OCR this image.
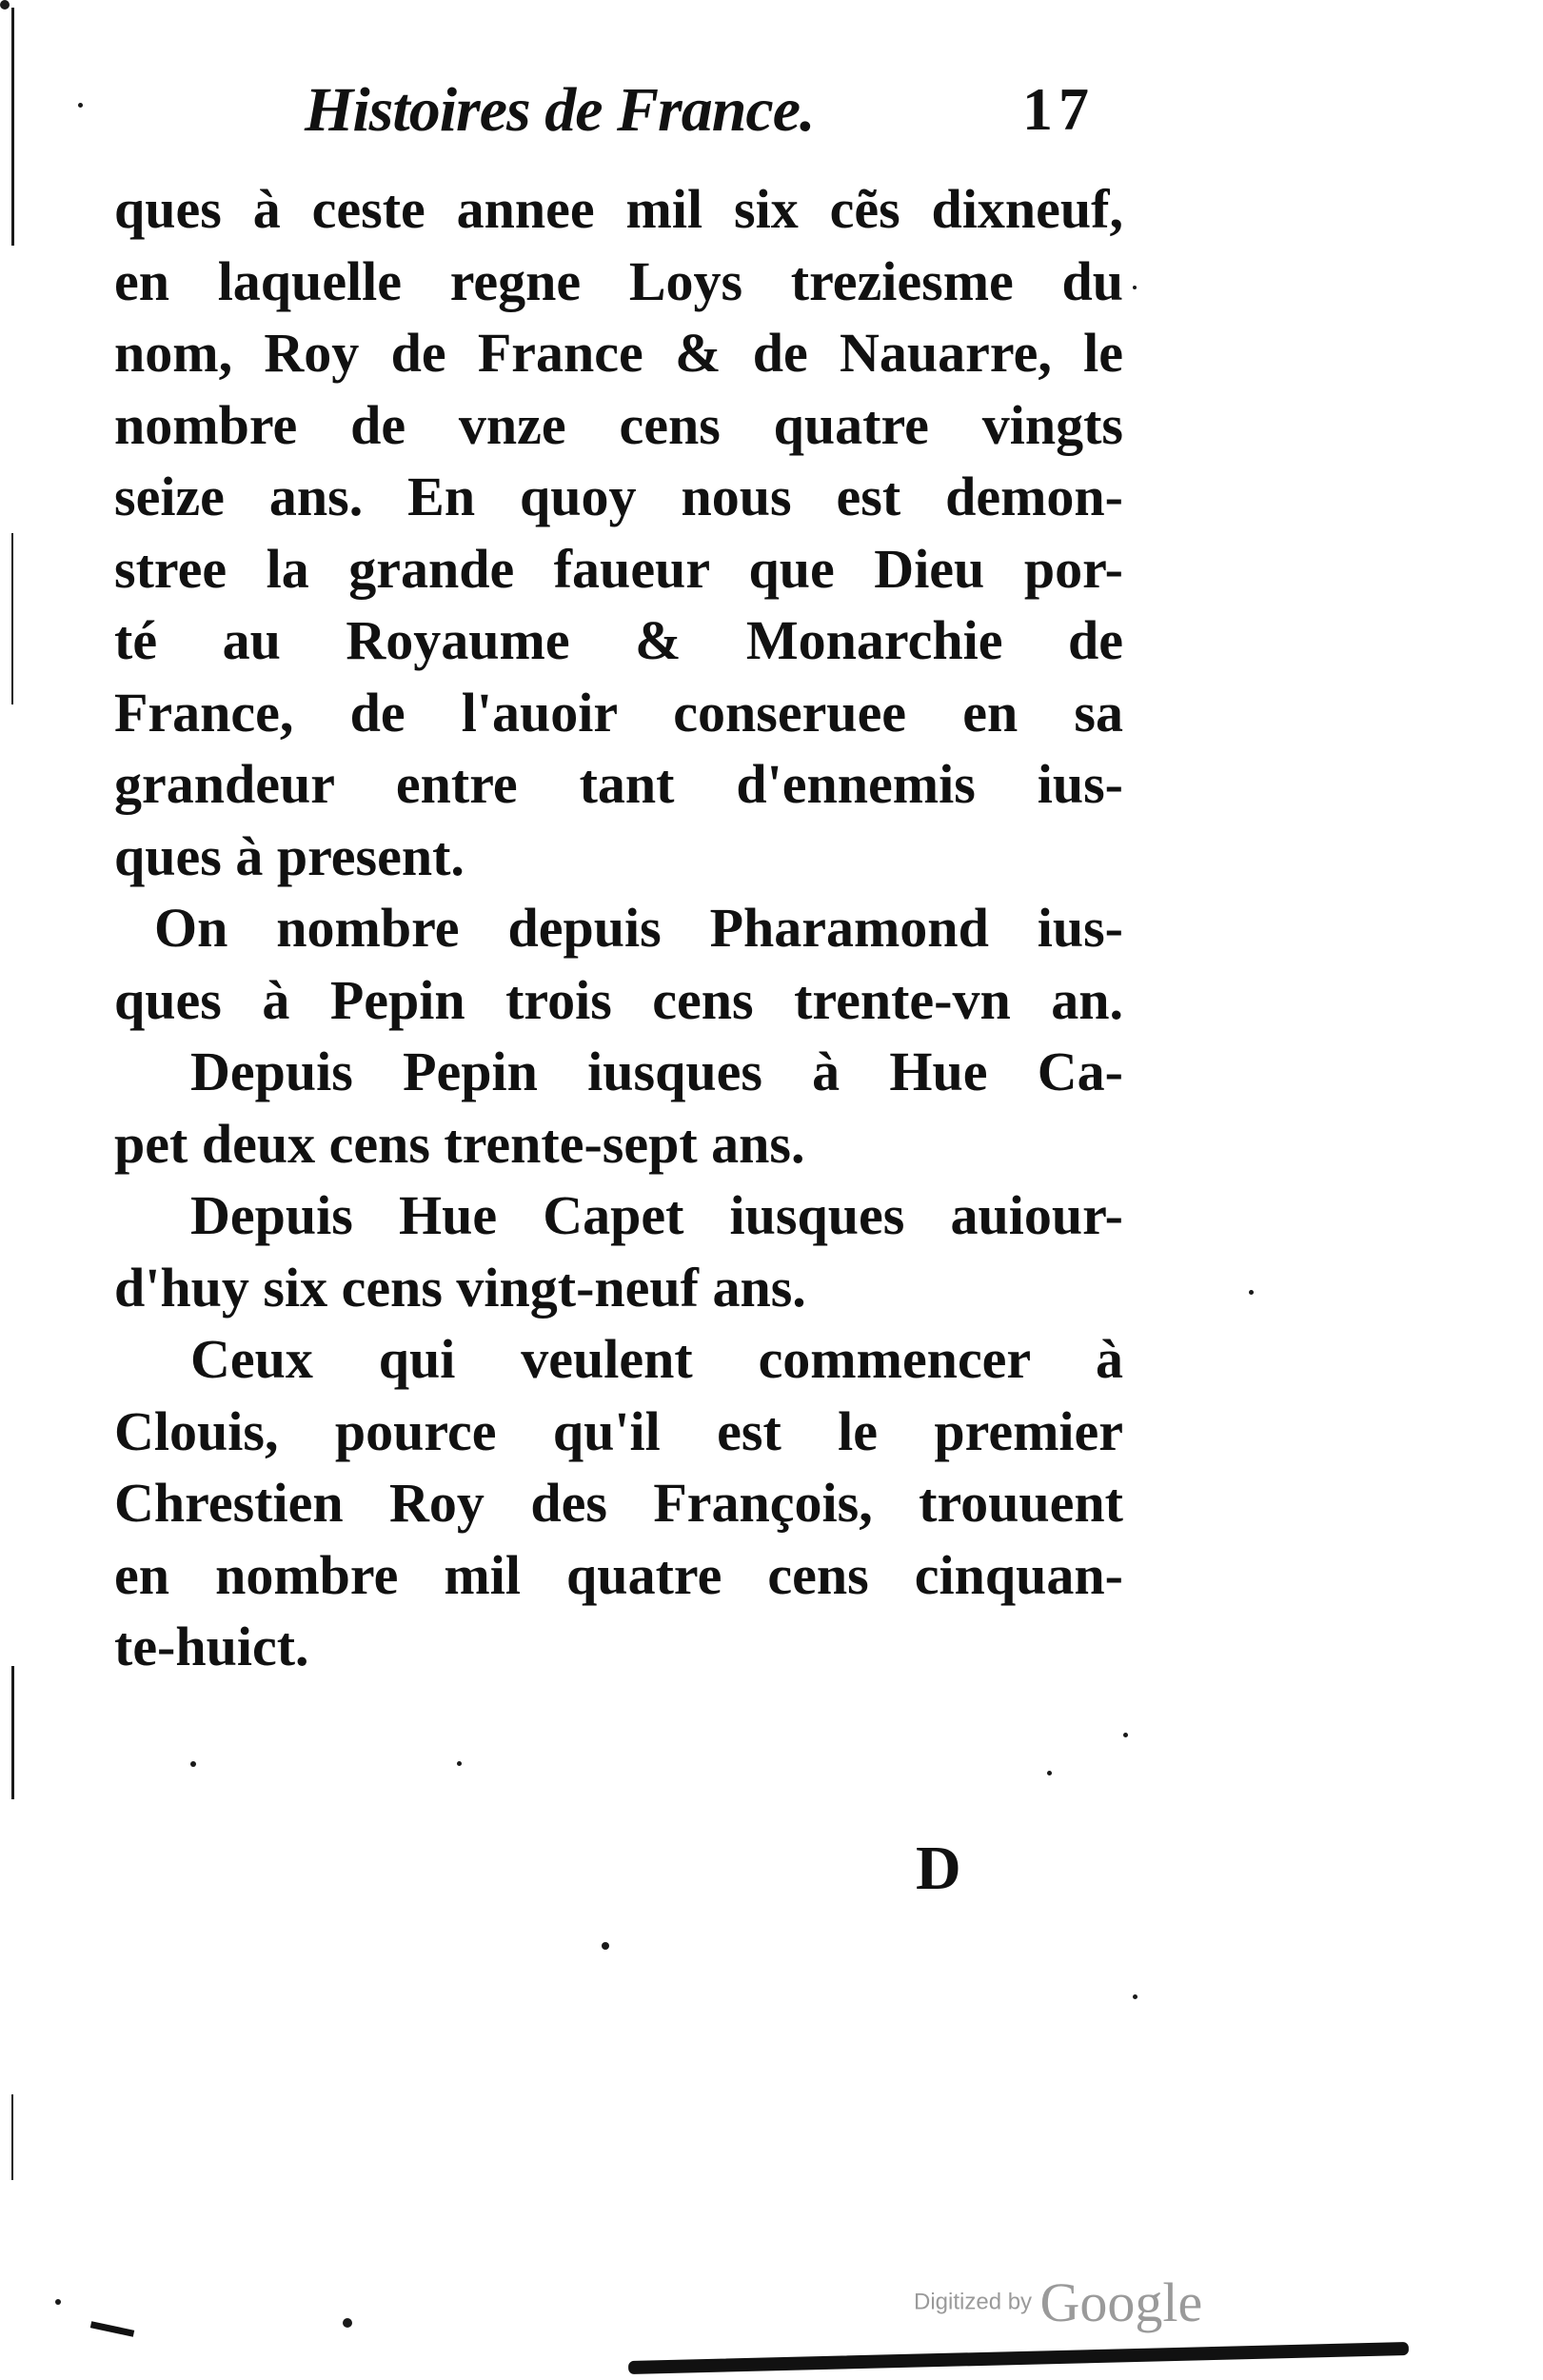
Histoires de France.	17
ques à ceste annee mil six cẽs dixneuf,
en laquelle regne Loys treziesme du
nom, Roy de France & de Nauarre, le
nombre de vnze cens quatre vingts
seize ans. En quoy nous est demon-
stree la grande faueur que Dieu por-
té au Royaume & Monarchie de
France, de l'auoir conseruee en sa
grandeur entre tant d'ennemis ius-
ques à present.
On nombre depuis Pharamond ius-
ques à Pepin trois cens trente-vn an.
Depuis Pepin iusques à Hue Ca-
pet deux cens trente-sept ans.
Depuis Hue Capet iusques auiour-
d'huy six cens vingt-neuf ans.
Ceux qui veulent commencer à
Clouis, pource qu'il est le premier
Chrestien Roy des François, trouuent
en nombre mil quatre cens cinquan-
te-huict.
D
Digitized by Google
